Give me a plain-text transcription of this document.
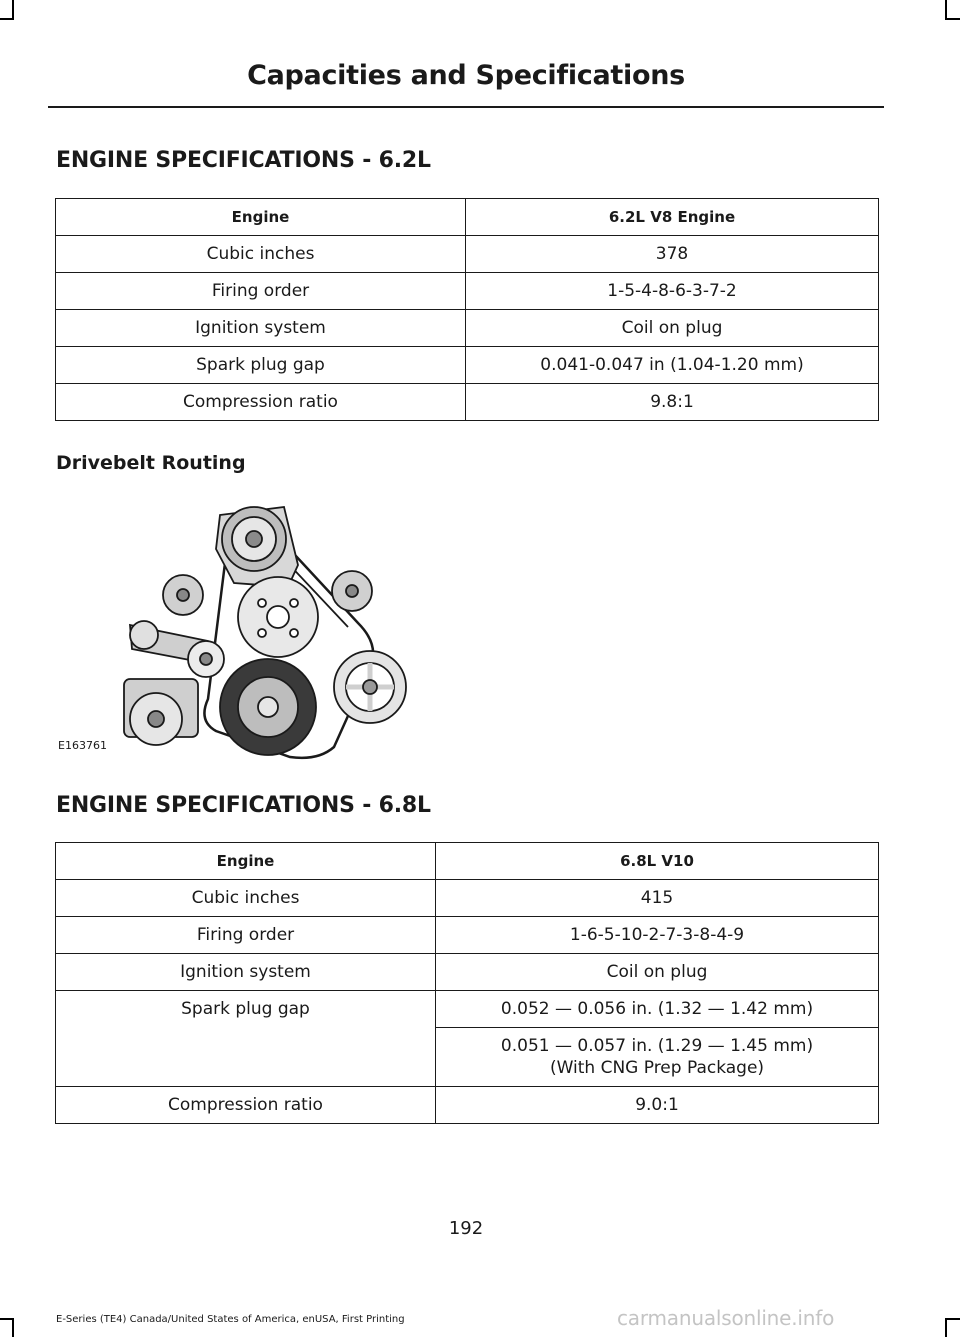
Capacities and Specifications
ENGINE SPECIFICATIONS - 6.2L
Engine	6.2L V8 Engine
Cubic inches	378
Firing order	1-5-4-8-6-3-7-2
Ignition system	Coil on plug
Spark plug gap	0.041-0.047 in (1.04-1.20 mm)
Compression ratio	9.8:1
Drivebelt Routing
E163761
ENGINE SPECIFICATIONS - 6.8L
Engine	6.8L V10
Cubic inches	415
Firing order	1-6-5-10-2-7-3-8-4-9
Ignition system	Coil on plug
Spark plug gap	0.052 — 0.056 in. (1.32 — 1.42 mm)

	0.051 — 0.057 in. (1.29 — 1.45 mm)
(With CNG Prep Package)

Compression ratio	9.0:1
192
E-Series (TE4) Canada/United States of America, enUSA, First Printing	carmanualsonline.info
